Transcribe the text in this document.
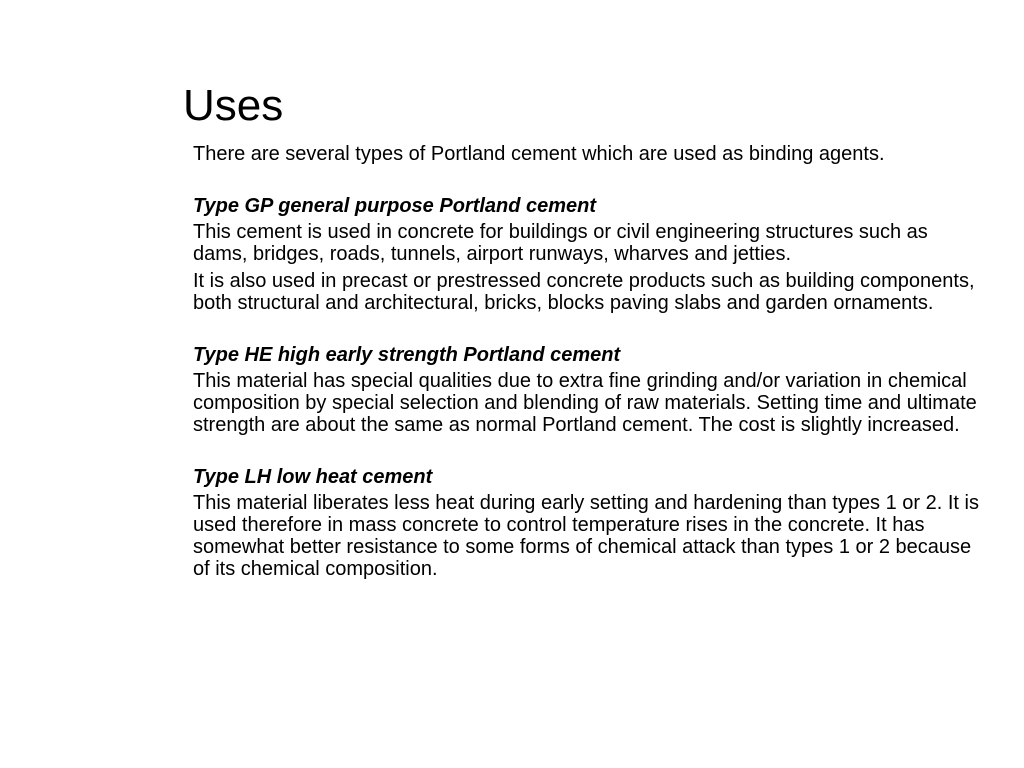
Uses

There are several types of Portland cement which are used as binding agents.

Type GP general purpose Portland cement

This cement is used in concrete for buildings or civil engineering structures such as dams, bridges, roads, tunnels, airport runways, wharves and jetties.

It is also used in precast or prestressed concrete products such as building components, both structural and architectural, bricks, blocks paving slabs and garden ornaments.

Type HE high early strength Portland cement

This material has special qualities due to extra fine grinding and/or variation in chemical composition by special selection and blending of raw materials. Setting time and ultimate strength are about the same as normal Portland cement. The cost is slightly increased.

Type LH low heat cement

This material liberates less heat during early setting and hardening than types 1 or 2. It is used therefore in mass concrete to control temperature rises in the concrete. It has somewhat better resistance to some forms of chemical attack than types 1 or 2 because of its chemical composition.
